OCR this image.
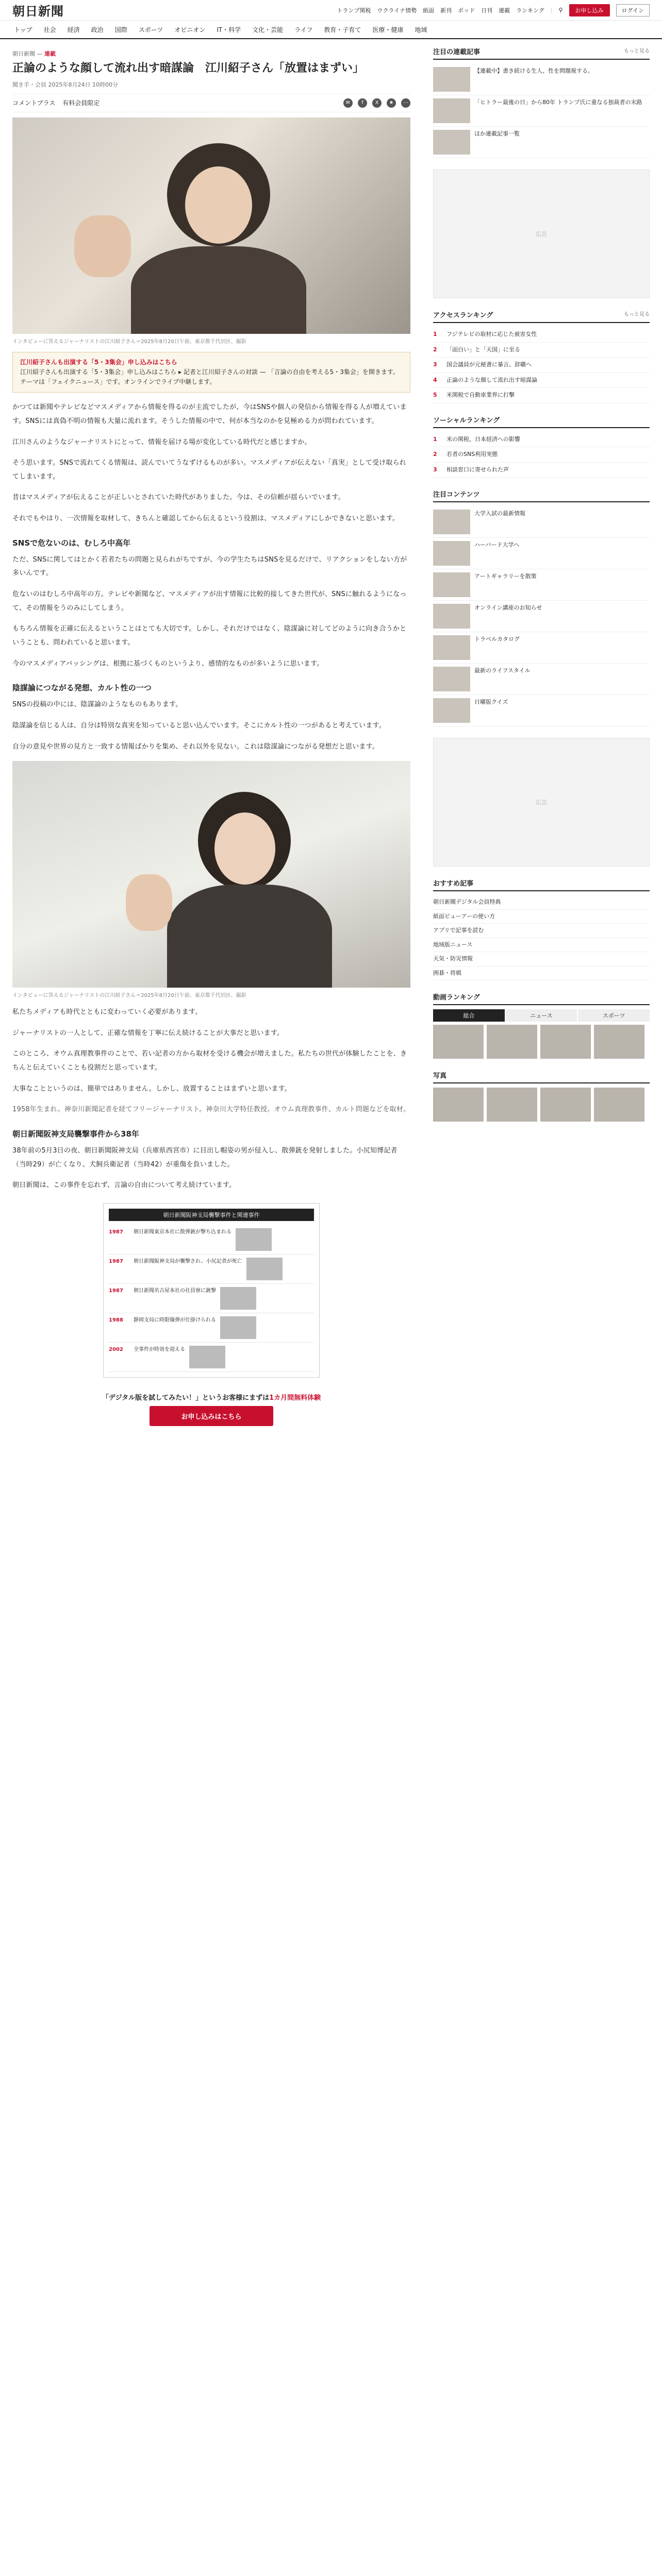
朝日新聞	トランプ関税 ウクライナ情勢 紙面 新刊 ポッド 日刊 連載 ランキング | ⚲	お申し込み	ログイン
トップ	社会	経済	政治	国際	スポーツ	オピニオン	IT・科学	文化・芸能	ライフ	教育・子育て	医療・健康	地域
朝日新聞 — 連載
正論のような顔して流れ出す暗謀論　江川紹子さん「放置はまずい」
聞き手・会員 2025年8月24日 10時00分
コメントプラス 有料会員限定	✉	f	X	★	⋯
インタビューに答えるジャーナリストの江川紹子さん＝2025年8月20日午前、東京都千代田区、撮影
江川紹子さんも出演する「5・3集会」申し込みはこちら
江川紹子さんも出演する「5・3集会」申し込みはこちら ▸ 記者と江川紹子さんの対談 — 「言論の自由を考える5・3集会」を開きます。テーマは「フェイクニュース」です。オンラインでライブ中継します。

かつては新聞やテレビなどマスメディアから情報を得るのが主流でしたが、今はSNSや個人の発信から情報を得る人が増えています。SNSには真偽不明の情報も大量に流れます。そうした情報の中で、何が本当なのかを見極める力が問われています。

江川さんのようなジャーナリストにとって、情報を届ける場が変化している時代だと感じますか。

そう思います。SNSで流れてくる情報は、読んでいてうなずけるものが多い。マスメディアが伝えない「真実」として受け取られてしまいます。

昔はマスメディアが伝えることが正しいとされていた時代がありました。今は、その信頼が揺らいでいます。

それでもやはり、一次情報を取材して、きちんと確認してから伝えるという役割は、マスメディアにしかできないと思います。

SNSで危ないのは、むしろ中高年

ただ、SNSに関してはとかく若者たちの問題と見られがちですが、今の学生たちはSNSを見るだけで、リアクションをしない方が多いんです。

危ないのはむしろ中高年の方。テレビや新聞など、マスメディアが出す情報に比較的接してきた世代が、SNSに触れるようになって、その情報をうのみにしてしまう。

もちろん情報を正確に伝えるということはとても大切です。しかし、それだけではなく、陰謀論に対してどのように向き合うかということも、問われていると思います。

今のマスメディアバッシングは、根拠に基づくものというより、感情的なものが多いように思います。

陰謀論につながる発想、カルト性の一つ

SNSの投稿の中には、陰謀論のようなものもあります。

陰謀論を信じる人は、自分は特別な真実を知っていると思い込んでいます。そこにカルト性の一つがあると考えています。

自分の意見や世界の見方と一致する情報ばかりを集め、それ以外を見ない。これは陰謀論につながる発想だと思います。

インタビューに答えるジャーナリストの江川紹子さん＝2025年8月20日午前、東京都千代田区、撮影

私たちメディアも時代とともに変わっていく必要があります。

ジャーナリストの一人として、正確な情報を丁寧に伝え続けることが大事だと思います。

このところ、オウム真理教事件のことで、若い記者の方から取材を受ける機会が増えました。私たちの世代が体験したことを、きちんと伝えていくことも役割だと思っています。

大事なことというのは、簡単ではありません。しかし、放置することはまずいと思います。

1958年生まれ。神奈川新聞記者を経てフリージャーナリスト。神奈川大学特任教授。オウム真理教事件、カルト問題などを取材。

朝日新聞阪神支局襲撃事件から38年

38年前の5月3日の夜、朝日新聞阪神支局（兵庫県西宮市）に目出し帽姿の男が侵入し、散弾銃を発射しました。小尻知博記者（当時29）が亡くなり、犬飼兵衛記者（当時42）が重傷を負いました。

朝日新聞は、この事件を忘れず、言論の自由について考え続けています。

朝日新聞阪神支局襲撃事件と関連事件
1987	朝日新聞東京本社に散弾銃が撃ち込まれる
1987	朝日新聞阪神支局が襲撃され、小尻記者が死亡
1987	朝日新聞名古屋本社の社員寮に銃撃
1988	静岡支局に時限爆弾が仕掛けられる
2002	全事件が時効を迎える
「デジタル版を試してみたい！」というお客様にまずは1カ月間無料体験
お申し込みはこちら
注目の連載記事	もっと見る
【連載中】書き続ける生人、性を問題視する。
「ヒトラー最後の日」から80年 トランプ氏に重なる独裁者の末路
ほか連載記事一覧
広告
アクセスランキング	もっと見る
1	フジテレビの取材に応じた被害女性
2	「面白い」と「天国」に至る
3	国会議員が元秘書に暴言、辞職へ
4	正論のような顔して流れ出す暗謀論
5	米関税で自動車業界に打撃
ソーシャルランキング
1	米の関税、日本経済への影響
2	若者のSNS利用実態
3	相談窓口に寄せられた声
注目コンテンツ
大学入試の最新情報
ハーバード大学へ
アートギャラリーを散策
オンライン講座のお知らせ
トラベルカタログ
最新のライフスタイル
日曜版クイズ
広告
おすすめ記事
朝日新聞デジタル会員特典
紙面ビューアーの使い方
アプリで記事を読む
地域版ニュース
天気・防災情報
囲碁・将棋
動画ランキング
総合	ニュース	スポーツ
写真
